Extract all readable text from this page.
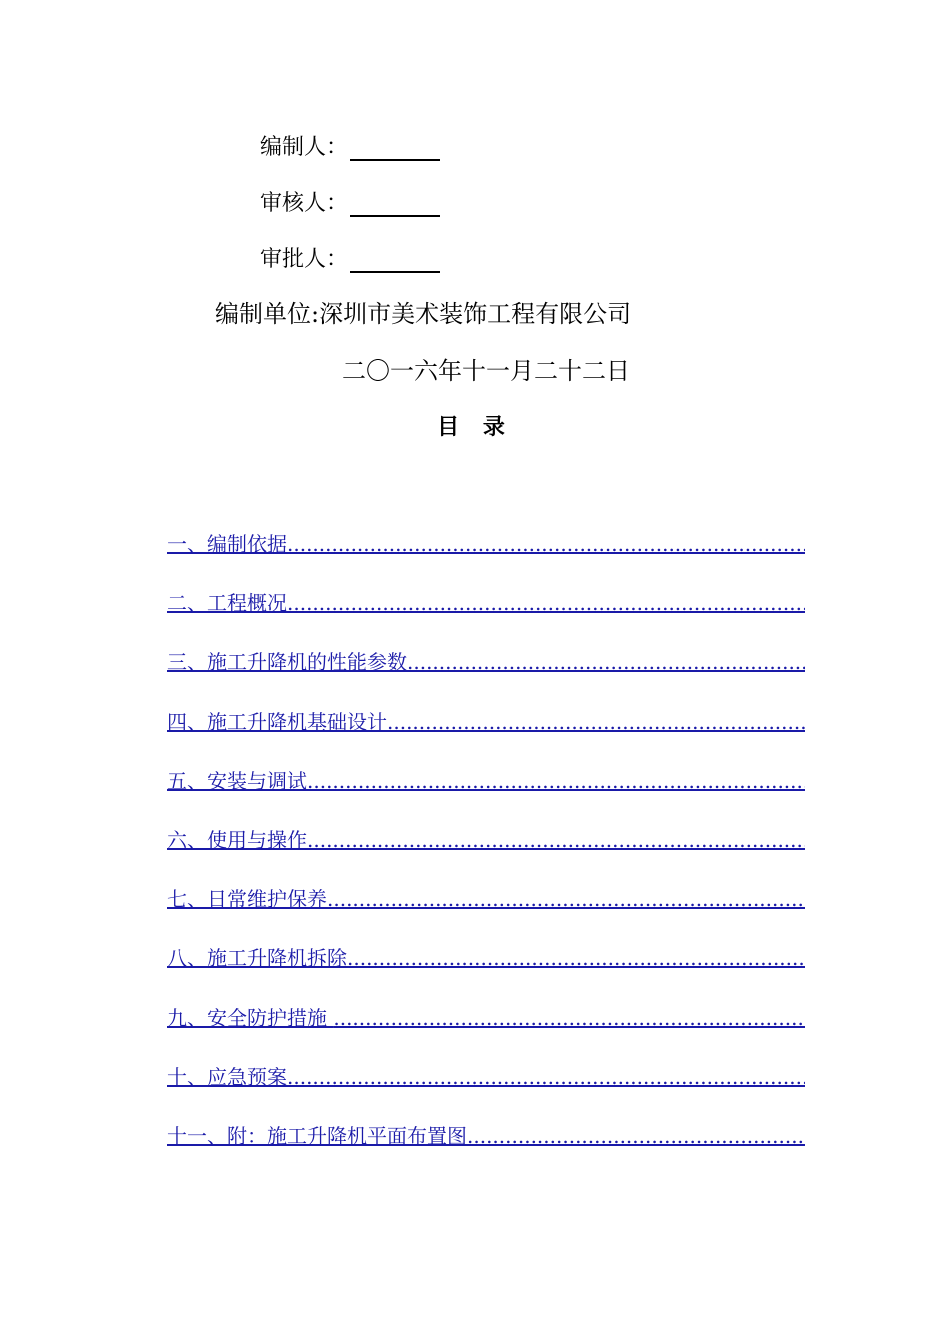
编制人：
审核人：
审批人：
编制单位:深圳市美术装饰工程有限公司
二〇一六年十一月二十二日
目 录
一、编制依据
.....
二、工程概况
.....
三、施工升降机的性能参数
.....
四、施工升降机基础设计
.....
五、安装与调试
.....
六、使用与操作
.....
七、日常维护保养
.....
八、施工升降机拆除
.....
九、安全防护措施
.....
十、应急预案
.....
十一、附：施工升降机平面布置图
.....
